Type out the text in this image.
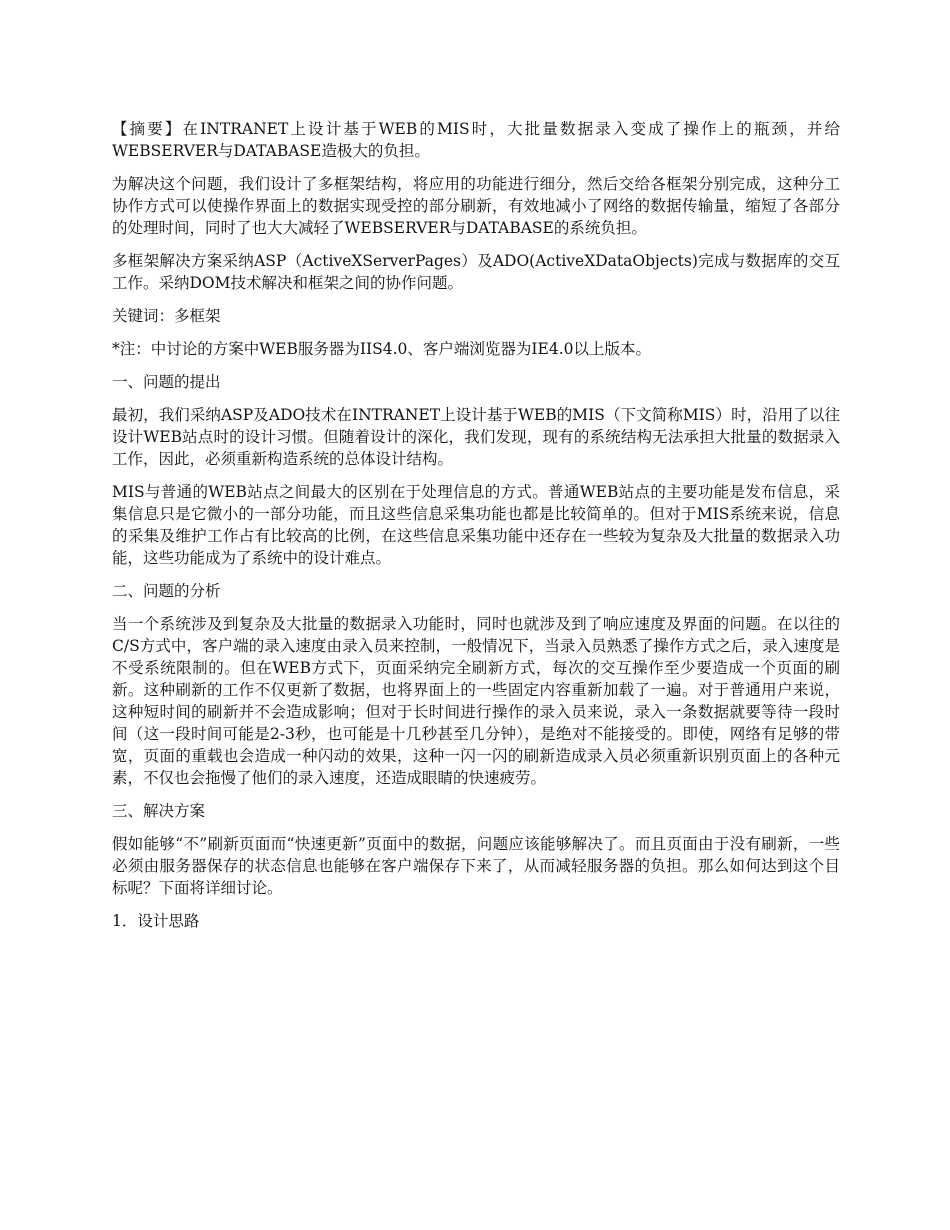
【摘要】在INTRANET上设计基于WEB的MIS时，大批量数据录入变成了操作上的瓶颈，并给WEBSERVER与DATABASE造极大的负担。

为解决这个问题，我们设计了多框架结构，将应用的功能进行细分，然后交给各框架分别完成，这种分工协作方式可以使操作界面上的数据实现受控的部分刷新，有效地减小了网络的数据传输量，缩短了各部分的处理时间，同时了也大大减轻了WEBSERVER与DATABASE的系统负担。

多框架解决方案采纳ASP（ActiveXServerPages）及ADO(ActiveXDataObjects)完成与数据库的交互工作。采纳DOM技术解决和框架之间的协作问题。

关键词：多框架

*注：中讨论的方案中WEB服务器为IIS4.0、客户端浏览器为IE4.0以上版本。

一、问题的提出

最初，我们采纳ASP及ADO技术在INTRANET上设计基于WEB的MIS（下文简称MIS）时，沿用了以往设计WEB站点时的设计习惯。但随着设计的深化，我们发现，现有的系统结构无法承担大批量的数据录入工作，因此，必须重新构造系统的总体设计结构。

MIS与普通的WEB站点之间最大的区别在于处理信息的方式。普通WEB站点的主要功能是发布信息，采集信息只是它微小的一部分功能，而且这些信息采集功能也都是比较简单的。但对于MIS系统来说，信息的采集及维护工作占有比较高的比例，在这些信息采集功能中还存在一些较为复杂及大批量的数据录入功能，这些功能成为了系统中的设计难点。

二、问题的分析

当一个系统涉及到复杂及大批量的数据录入功能时，同时也就涉及到了响应速度及界面的问题。在以往的C/S方式中，客户端的录入速度由录入员来控制，一般情况下，当录入员熟悉了操作方式之后，录入速度是不受系统限制的。但在WEB方式下，页面采纳完全刷新方式，每次的交互操作至少要造成一个页面的刷新。这种刷新的工作不仅更新了数据，也将界面上的一些固定内容重新加载了一遍。对于普通用户来说，这种短时间的刷新并不会造成影响；但对于长时间进行操作的录入员来说，录入一条数据就要等待一段时间（这一段时间可能是2-3秒，也可能是十几秒甚至几分钟），是绝对不能接受的。即使，网络有足够的带宽，页面的重载也会造成一种闪动的效果，这种一闪一闪的刷新造成录入员必须重新识别页面上的各种元素，不仅也会拖慢了他们的录入速度，还造成眼睛的快速疲劳。

三、解决方案

假如能够“不”刷新页面而“快速更新”页面中的数据，问题应该能够解决了。而且页面由于没有刷新，一些必须由服务器保存的状态信息也能够在客户端保存下来了，从而减轻服务器的负担。那么如何达到这个目标呢？下面将详细讨论。

1．设计思路
